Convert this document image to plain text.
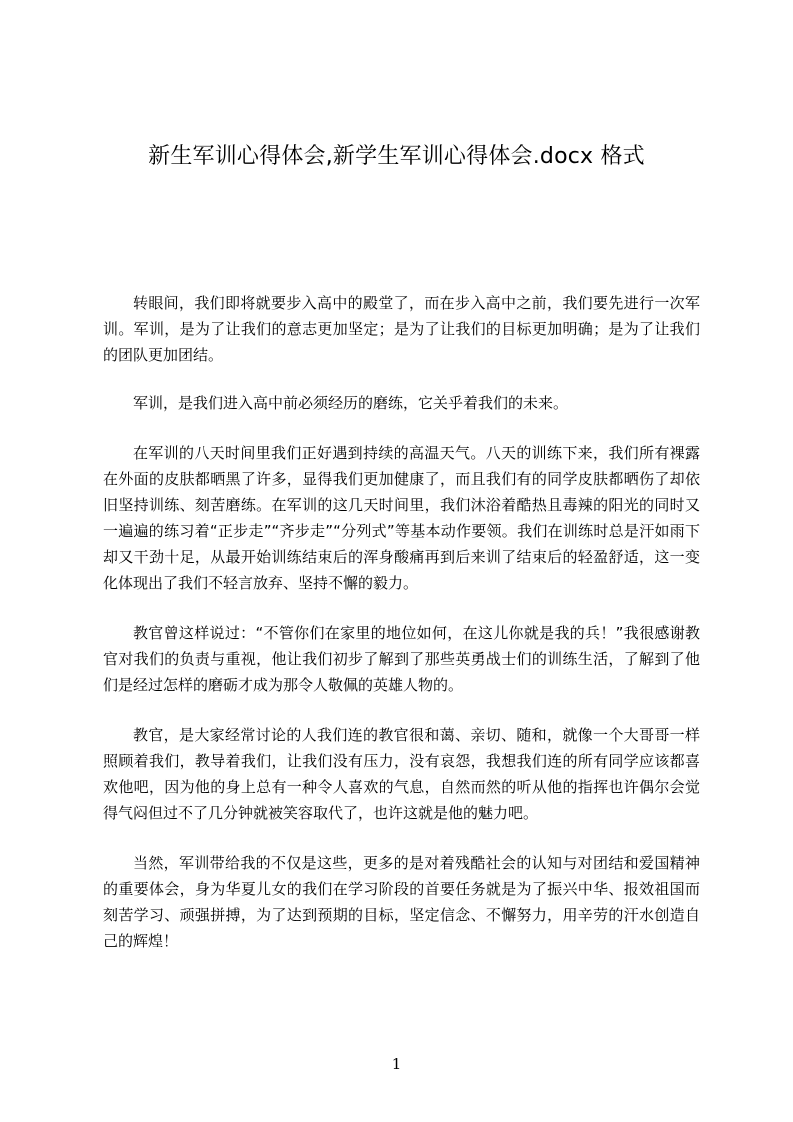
新生军训心得体会,新学生军训心得体会.docx 格式

转眼间，我们即将就要步入高中的殿堂了，而在步入高中之前，我们要先进行一次军训。军训，是为了让我们的意志更加坚定；是为了让我们的目标更加明确；是为了让我们的团队更加团结。

军训，是我们进入高中前必须经历的磨练，它关乎着我们的未来。

在军训的八天时间里我们正好遇到持续的高温天气。八天的训练下来，我们所有裸露在外面的皮肤都晒黑了许多，显得我们更加健康了，而且我们有的同学皮肤都晒伤了却依旧坚持训练、刻苦磨练。在军训的这几天时间里，我们沐浴着酷热且毒辣的阳光的同时又一遍遍的练习着“正步走”“齐步走”“分列式”等基本动作要领。我们在训练时总是汗如雨下却又干劲十足，从最开始训练结束后的浑身酸痛再到后来训了结束后的轻盈舒适，这一变化体现出了我们不轻言放弃、坚持不懈的毅力。

教官曾这样说过：“不管你们在家里的地位如何，在这儿你就是我的兵！”我很感谢教官对我们的负责与重视，他让我们初步了解到了那些英勇战士们的训练生活，了解到了他们是经过怎样的磨砺才成为那令人敬佩的英雄人物的。

教官，是大家经常讨论的人我们连的教官很和蔼、亲切、随和，就像一个大哥哥一样照顾着我们，教导着我们，让我们没有压力，没有哀怨，我想我们连的所有同学应该都喜欢他吧，因为他的身上总有一种令人喜欢的气息，自然而然的听从他的指挥也许偶尔会觉得气闷但过不了几分钟就被笑容取代了，也许这就是他的魅力吧。

当然，军训带给我的不仅是这些，更多的是对着残酷社会的认知与对团结和爱国精神的重要体会，身为华夏儿女的我们在学习阶段的首要任务就是为了振兴中华、报效祖国而刻苦学习、顽强拼搏，为了达到预期的目标，坚定信念、不懈努力，用辛劳的汗水创造自己的辉煌！

1
